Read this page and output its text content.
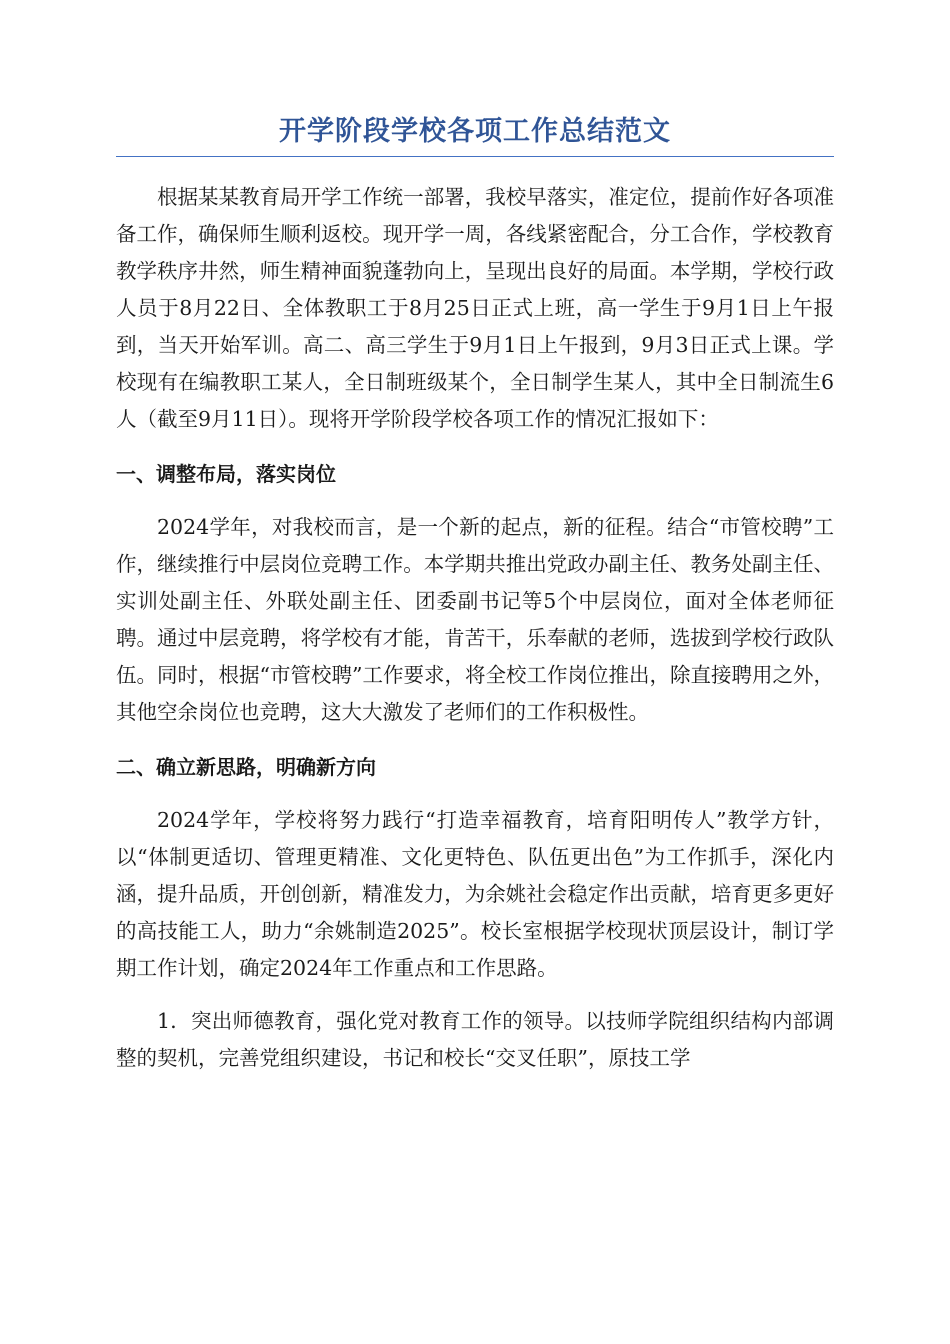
开学阶段学校各项工作总结范文

根据某某教育局开学工作统一部署，我校早落实，准定位，提前作好各项准备工作，确保师生顺利返校。现开学一周，各线紧密配合，分工合作，学校教育教学秩序井然，师生精神面貌蓬勃向上，呈现出良好的局面。本学期，学校行政人员于8月22日、全体教职工于8月25日正式上班，高一学生于9月1日上午报到，当天开始军训。高二、高三学生于9月1日上午报到，9月3日正式上课。学校现有在编教职工某人，全日制班级某个，全日制学生某人，其中全日制流生6人（截至9月11日）。现将开学阶段学校各项工作的情况汇报如下：

一、调整布局，落实岗位

2024学年，对我校而言，是一个新的起点，新的征程。结合“市管校聘”工作，继续推行中层岗位竞聘工作。本学期共推出党政办副主任、教务处副主任、实训处副主任、外联处副主任、团委副书记等5个中层岗位，面对全体老师征聘。通过中层竞聘，将学校有才能，肯苦干，乐奉献的老师，选拔到学校行政队伍。同时，根据“市管校聘”工作要求，将全校工作岗位推出，除直接聘用之外，其他空余岗位也竞聘，这大大激发了老师们的工作积极性。

二、确立新思路，明确新方向

2024学年，学校将努力践行“打造幸福教育，培育阳明传人”教学方针，以“体制更适切、管理更精准、文化更特色、队伍更出色”为工作抓手，深化内涵，提升品质，开创创新，精准发力，为余姚社会稳定作出贡献，培育更多更好的高技能工人，助力“余姚制造2025”。校长室根据学校现状顶层设计，制订学期工作计划，确定2024年工作重点和工作思路。

1．突出师德教育，强化党对教育工作的领导。以技师学院组织结构内部调整的契机，完善党组织建设，书记和校长“交叉任职”，原技工学
